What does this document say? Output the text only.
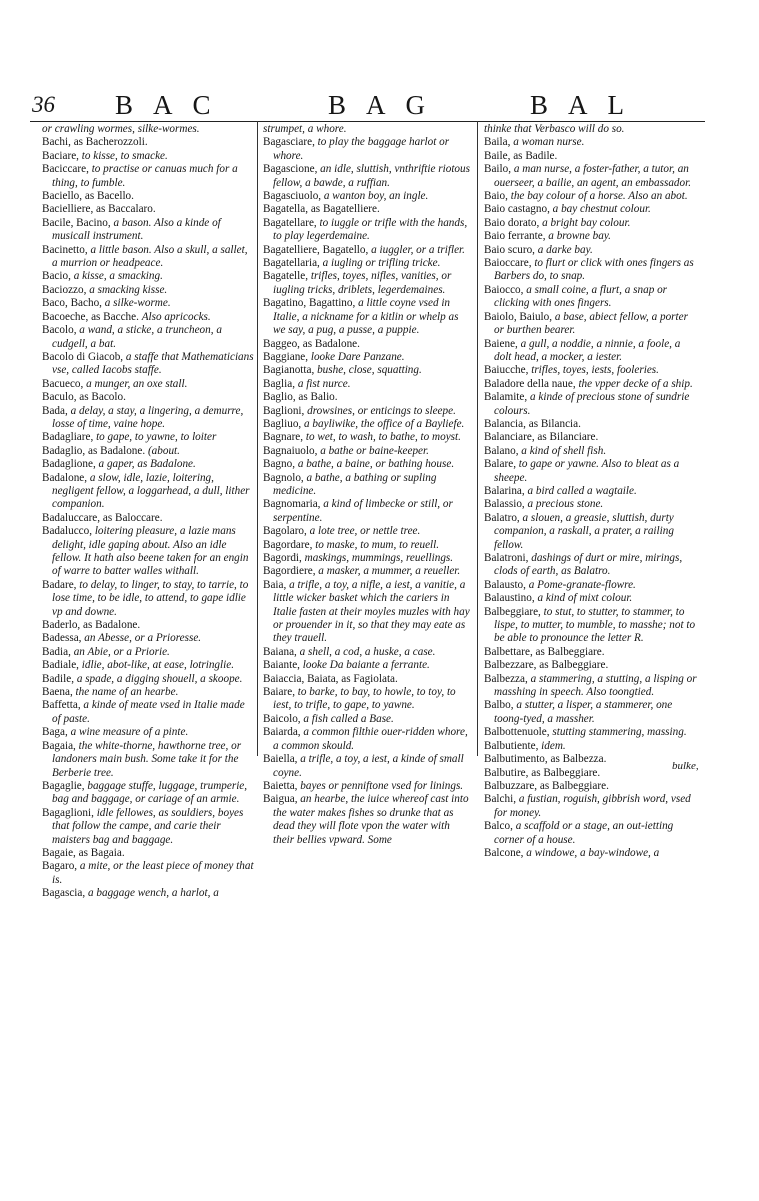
36 BAC	BAG	BAL

or crawling wormes, silke-wormes.

Bachi, as Bacherozzoli.

Baciare, to kisse, to smacke.

Baciccare, to practise or canuas much for a thing, to fumble.

Baciello, as Bacello.

Bacielliere, as Baccalaro.

Bacile, Bacino, a bason. Also a kinde of musicall instrument.

Bacinetto, a little bason. Also a skull, a sallet, a murrion or headpeace.

Bacio, a kisse, a smacking.

Baciozzo, a smacking kisse.

Baco, Bacho, a silke-worme.

Bacoeche, as Bacche. Also apricocks.

Bacolo, a wand, a sticke, a truncheon, a cudgell, a bat.

Bacolo di Giacob, a staffe that Mathematicians vse, called Iacobs staffe.

Bacueco, a munger, an oxe stall.

Baculo, as Bacolo.

Bada, a delay, a stay, a lingering, a demurre, losse of time, vaine hope.

Badagliare, to gape, to yawne, to loiter

Badaglio, as Badalone. (about.

Badaglione, a gaper, as Badalone.

Badalone, a slow, idle, lazie, loitering, negligent fellow, a loggarhead, a dull, lither companion.

Badaluccare, as Baloccare.

Badalucco, loitering pleasure, a lazie mans delight, idle gaping about. Also an idle fellow. It hath also beene taken for an engin of warre to batter walles withall.

Badare, to delay, to linger, to stay, to tarrie, to lose time, to be idle, to attend, to gape idlie vp and downe.

Baderlo, as Badalone.

Badessa, an Abesse, or a Prioresse.

Badia, an Abie, or a Priorie.

Badiale, idlie, abot-like, at ease, lotringlie.

Badile, a spade, a digging shouell, a skoope.

Baena, the name of an hearbe.

Baffetta, a kinde of meate vsed in Italie made of paste.

Baga, a wine measure of a pinte.

Bagaia, the white-thorne, hawthorne tree, or landoners main bush. Some take it for the Berberie tree.

Bagaglie, baggage stuffe, luggage, trumperie, bag and baggage, or cariage of an armie.

Bagaglioni, idle fellowes, as souldiers, boyes that follow the campe, and carie their maisters bag and baggage.

Bagaie, as Bagaia.

Bagaro, a mite, or the least piece of money that is.

Bagascia, a baggage wench, a harlot, a

strumpet, a whore.

Bagasciare, to play the baggage harlot or whore.

Bagascione, an idle, sluttish, vnthriftie riotous fellow, a bawde, a ruffian.

Bagasciuolo, a wanton boy, an ingle.

Bagatella, as Bagatelliere.

Bagatellare, to iuggle or trifle with the hands, to play legerdemaine.

Bagatelliere, Bagatello, a iuggler, or a trifler.

Bagatellaria, a iugling or trifling tricke.

Bagatelle, trifles, toyes, nifles, vanities, or iugling tricks, driblets, legerdemaines.

Bagatino, Bagattino, a little coyne vsed in Italie, a nickname for a kitlin or whelp as we say, a pug, a pusse, a puppie.

Baggeo, as Badalone.

Baggiane, looke Dare Panzane.

Bagianotta, bushe, close, squatting.

Baglia, a fist nurce.

Baglio, as Balio.

Baglioni, drowsines, or enticings to sleepe.

Bagliuo, a bayliwike, the office of a Bayliefe.

Bagnare, to wet, to wash, to bathe, to moyst.

Bagnaiuolo, a bathe or baine-keeper.

Bagno, a bathe, a baine, or bathing house.

Bagnolo, a bathe, a bathing or supling medicine.

Bagnomaria, a kind of limbecke or still, or serpentine.

Bagolaro, a lote tree, or nettle tree.

Bagordare, to maske, to mum, to reuell.

Bagordi, maskings, mummings, reuellings.

Bagordiere, a masker, a mummer, a reueller.

Baia, a trifle, a toy, a nifle, a iest, a vanitie, a little wicker basket which the cariers in Italie fasten at their moyles muzles with hay or prouender in it, so that they may eate as they trauell.

Baiana, a shell, a cod, a huske, a case.

Baiante, looke Da baiante a ferrante.

Baiaccia, Baiata, as Fagiolata.

Baiare, to barke, to bay, to howle, to toy, to iest, to trifle, to gape, to yawne.

Baicolo, a fish called a Base.

Baiarda, a common filthie ouer-ridden whore, a common skould.

Baiella, a trifle, a toy, a iest, a kinde of small coyne.

Baietta, bayes or penniftone vsed for linings.

Baigua, an hearbe, the iuice whereof cast into the water makes fishes so drunke that as dead they will flote vpon the water with their bellies vpward. Some

thinke that Verbasco will do so.

Baila, a woman nurse.

Baile, as Badile.

Bailo, a man nurse, a foster-father, a tutor, an ouerseer, a bailie, an agent, an embassador.

Baio, the bay colour of a horse. Also an abot.

Baio castagno, a bay chestnut colour.

Baio dorato, a bright bay colour.

Baio ferrante, a browne bay.

Baio scuro, a darke bay.

Baioccare, to flurt or click with ones fingers as Barbers do, to snap.

Baiocco, a small coine, a flurt, a snap or clicking with ones fingers.

Baiolo, Baiulo, a base, abiect fellow, a porter or burthen bearer.

Baiene, a gull, a noddie, a ninnie, a foole, a dolt head, a mocker, a iester.

Baiucche, trifles, toyes, iests, fooleries.

Baladore della naue, the vpper decke of a ship.

Balamite, a kinde of precious stone of sundrie colours.

Balancia, as Bilancia.

Balanciare, as Bilanciare.

Balano, a kind of shell fish.

Balare, to gape or yawne. Also to bleat as a sheepe.

Balarina, a bird called a wagtaile.

Balassio, a precious stone.

Balatro, a slouen, a greasie, sluttish, durty companion, a raskall, a prater, a railing fellow.

Balatroni, dashings of durt or mire, mirings, clods of earth, as Balatro.

Balausto, a Pome-granate-flowre.

Balaustino, a kind of mixt colour.

Balbeggiare, to stut, to stutter, to stammer, to lispe, to mutter, to mumble, to masshe; not to be able to pronounce the letter R.

Balbettare, as Balbeggiare.

Balbezzare, as Balbeggiare.

Balbezza, a stammering, a stutting, a lisping or masshing in speech. Also toongtied.

Balbo, a stutter, a lisper, a stammerer, one toong-tyed, a massher.

Balbottenuole, stutting stammering, massing.

Balbutiente, idem.

Balbutimento, as Balbezza.

Balbutire, as Balbeggiare.

Balbuzzare, as Balbeggiare.

Balchi, a fustian, roguish, gibbrish word, vsed for money.

Balco, a scaffold or a stage, an out-ietting corner of a house.

Balcone, a windowe, a bay-windowe, a

bulke,
